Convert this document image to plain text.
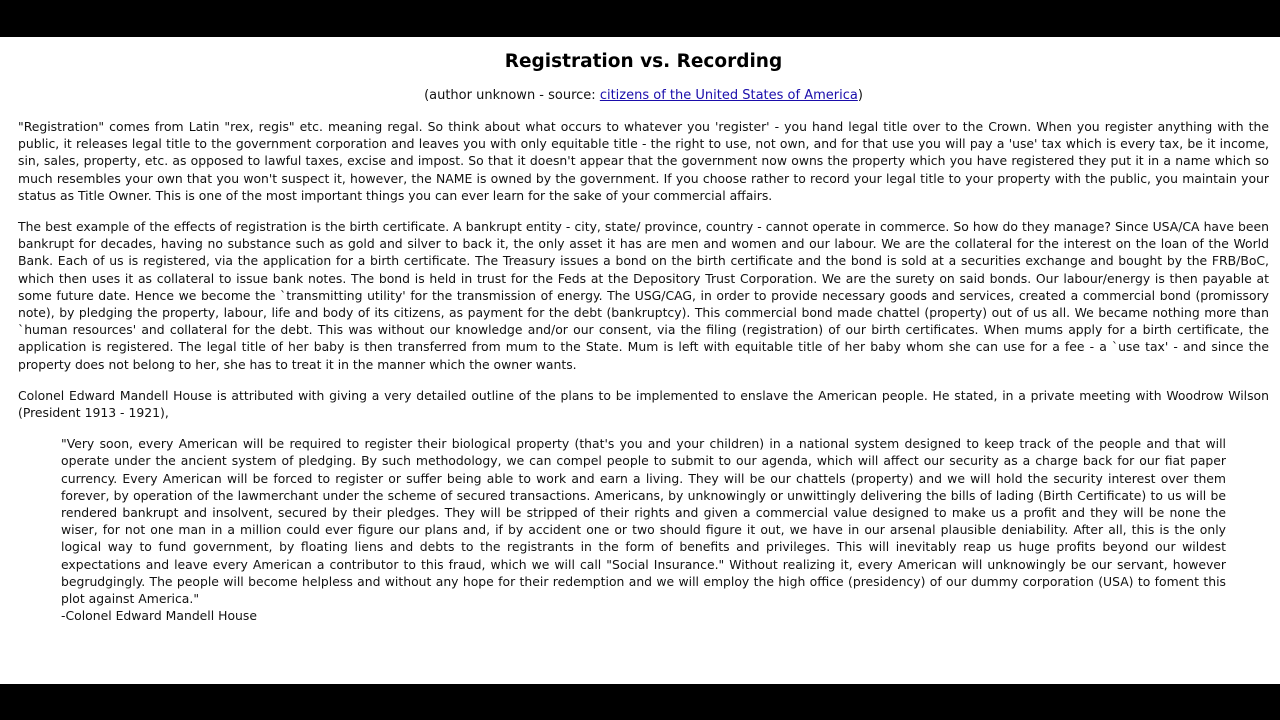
Registration vs. Recording
(author unknown - source: citizens of the United States of America)

"Registration" comes from Latin "rex, regis" etc. meaning regal. So think about what occurs to whatever you 'register' - you hand legal title over to the Crown. When you register anything with the public, it releases legal title to the government corporation and leaves you with only equitable title - the right to use, not own, and for that use you will pay a 'use' tax which is every tax, be it income, sin, sales, property, etc. as opposed to lawful taxes, excise and impost. So that it doesn't appear that the government now owns the property which you have registered they put it in a name which so much resembles your own that you won't suspect it, however, the NAME is owned by the government. If you choose rather to record your legal title to your property with the public, you maintain your status as Title Owner. This is one of the most important things you can ever learn for the sake of your commercial affairs.

The best example of the effects of registration is the birth certificate. A bankrupt entity - city, state/ province, country - cannot operate in commerce. So how do they manage? Since USA/CA have been bankrupt for decades, having no substance such as gold and silver to back it, the only asset it has are men and women and our labour. We are the collateral for the interest on the loan of the World Bank. Each of us is registered, via the application for a birth certificate. The Treasury issues a bond on the birth certificate and the bond is sold at a securities exchange and bought by the FRB/BoC, which then uses it as collateral to issue bank notes. The bond is held in trust for the Feds at the Depository Trust Corporation. We are the surety on said bonds. Our labour/energy is then payable at some future date. Hence we become the `transmitting utility' for the transmission of energy. The USG/CAG, in order to provide necessary goods and services, created a commercial bond (promissory note), by pledging the property, labour, life and body of its citizens, as payment for the debt (bankruptcy). This commercial bond made chattel (property) out of us all. We became nothing more than `human resources' and collateral for the debt. This was without our knowledge and/or our consent, via the filing (registration) of our birth certificates. When mums apply for a birth certificate, the application is registered. The legal title of her baby is then transferred from mum to the State. Mum is left with equitable title of her baby whom she can use for a fee - a `use tax' - and since the property does not belong to her, she has to treat it in the manner which the owner wants.

Colonel Edward Mandell House is attributed with giving a very detailed outline of the plans to be implemented to enslave the American people. He stated, in a private meeting with Woodrow Wilson (President 1913 - 1921),

"Very soon, every American will be required to register their biological property (that's you and your children) in a national system designed to keep track of the people and that will operate under the ancient system of pledging. By such methodology, we can compel people to submit to our agenda, which will affect our security as a charge back for our fiat paper currency. Every American will be forced to register or suffer being able to work and earn a living. They will be our chattels (property) and we will hold the security interest over them forever, by operation of the lawmerchant under the scheme of secured transactions. Americans, by unknowingly or unwittingly delivering the bills of lading (Birth Certificate) to us will be rendered bankrupt and insolvent, secured by their pledges. They will be stripped of their rights and given a commercial value designed to make us a profit and they will be none the wiser, for not one man in a million could ever figure our plans and, if by accident one or two should figure it out, we have in our arsenal plausible deniability. After all, this is the only logical way to fund government, by floating liens and debts to the registrants in the form of benefits and privileges. This will inevitably reap us huge profits beyond our wildest expectations and leave every American a contributor to this fraud, which we will call "Social Insurance." Without realizing it, every American will unknowingly be our servant, however begrudgingly. The people will become helpless and without any hope for their redemption and we will employ the high office (presidency) of our dummy corporation (USA) to foment this plot against America."
-Colonel Edward Mandell House
